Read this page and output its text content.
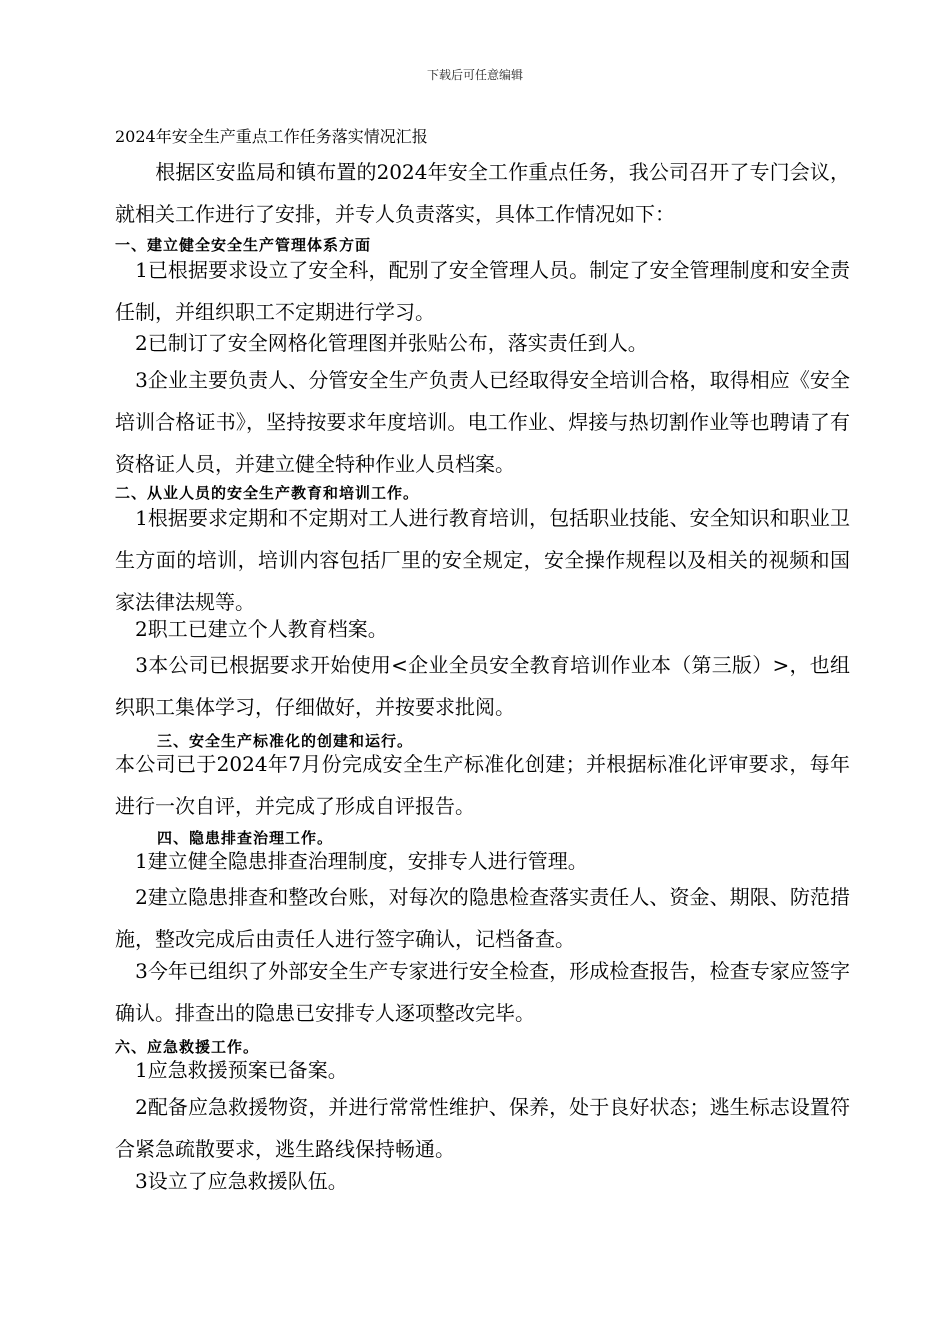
下载后可任意编辑
2024年安全生产重点工作任务落实情况汇报

　　根据区安监局和镇布置的2024年安全工作重点任务，我公司召开了专门会议，就相关工作进行了安排，并专人负责落实，具体工作情况如下：

一、建立健全安全生产管理体系方面

　1已根据要求设立了安全科，配别了安全管理人员。制定了安全管理制度和安全责任制，并组织职工不定期进行学习。

　2已制订了安全网格化管理图并张贴公布，落实责任到人。

　3企业主要负责人、分管安全生产负责人已经取得安全培训合格，取得相应《安全培训合格证书》，坚持按要求年度培训。电工作业、焊接与热切割作业等也聘请了有资格证人员，并建立健全特种作业人员档案。

二、从业人员的安全生产教育和培训工作。

　1根据要求定期和不定期对工人进行教育培训，包括职业技能、安全知识和职业卫生方面的培训，培训内容包括厂里的安全规定，安全操作规程以及相关的视频和国家法律法规等。

　2职工已建立个人教育档案。

　3本公司已根据要求开始使用<企业全员安全教育培训作业本（第三版）>，也组织职工集体学习，仔细做好，并按要求批阅。

三、安全生产标准化的创建和运行。

本公司已于2024年7月份完成安全生产标准化创建；并根据标准化评审要求，每年进行一次自评，并完成了形成自评报告。

四、隐患排查治理工作。

　1建立健全隐患排查治理制度，安排专人进行管理。

　2建立隐患排查和整改台账，对每次的隐患检查落实责任人、资金、期限、防范措施，整改完成后由责任人进行签字确认，记档备查。

　3今年已组织了外部安全生产专家进行安全检查，形成检查报告，检查专家应签字确认。排查出的隐患已安排专人逐项整改完毕。

六、应急救援工作。

　1应急救援预案已备案。

　2配备应急救援物资，并进行常常性维护、保养，处于良好状态；逃生标志设置符合紧急疏散要求，逃生路线保持畅通。

　3设立了应急救援队伍。
